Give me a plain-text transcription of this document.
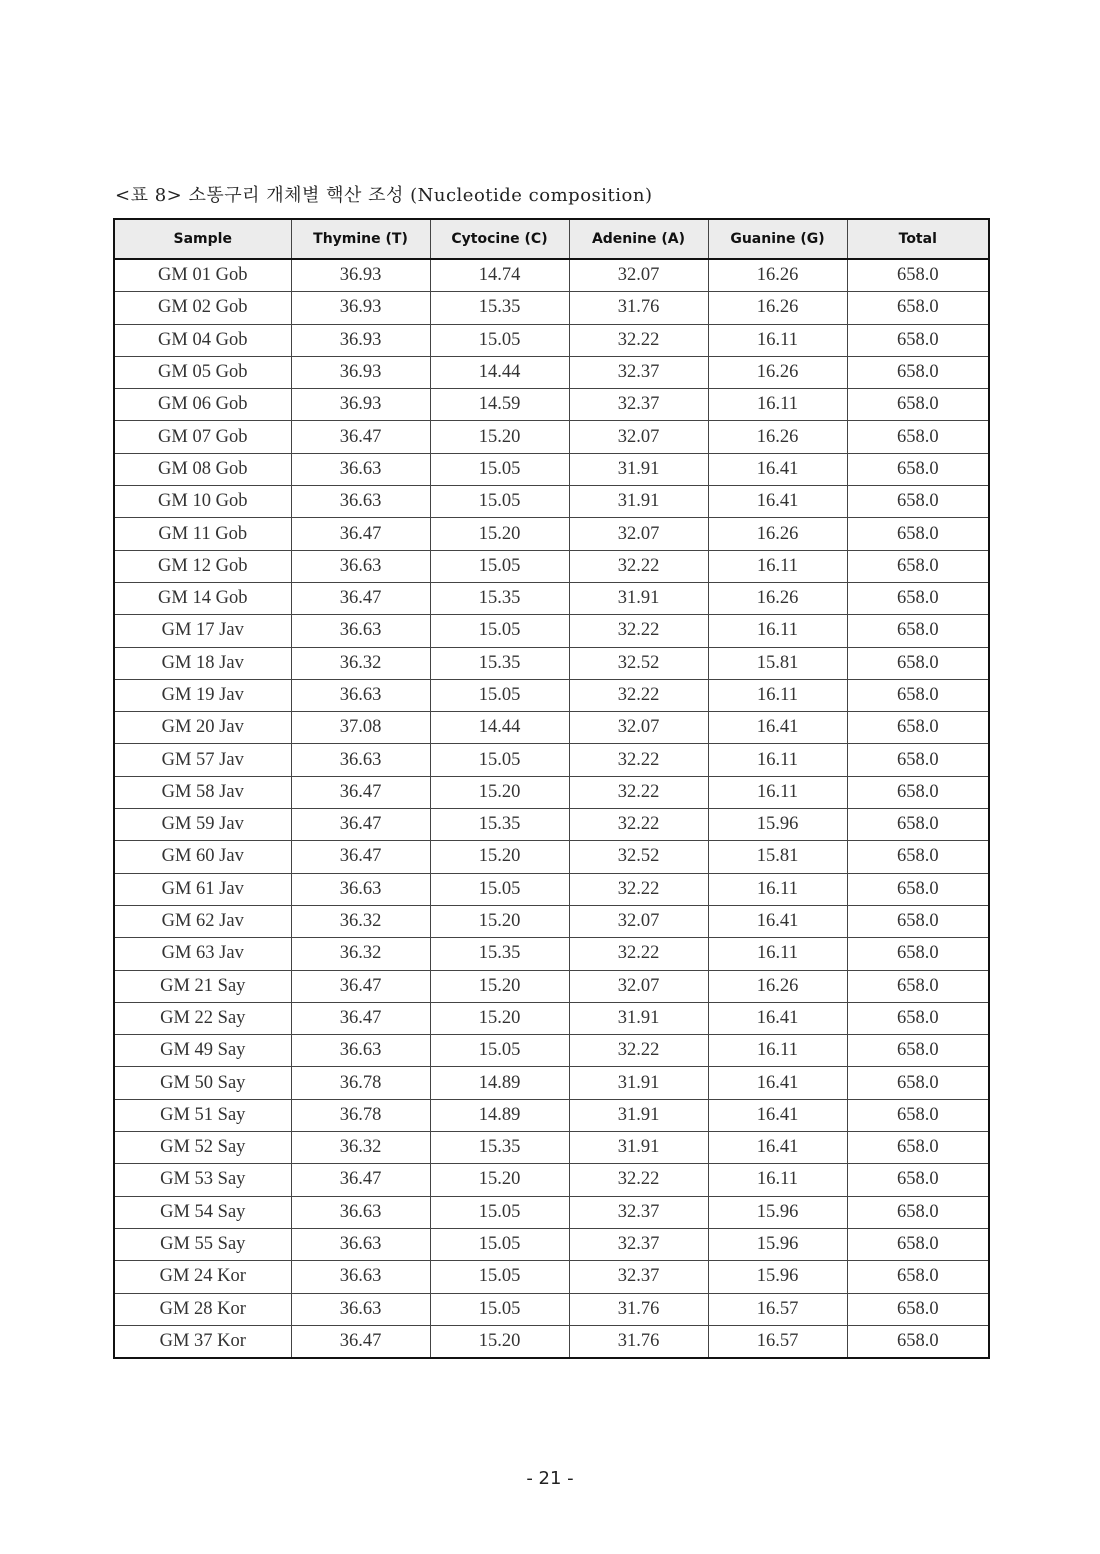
<표 8> 소똥구리 개체별 핵산 조성 (Nucleotide composition)
Sample	Thymine (T)	Cytocine (C)	Adenine (A)	Guanine (G)	Total
GM 01 Gob	36.93	14.74	32.07	16.26	658.0
GM 02 Gob	36.93	15.35	31.76	16.26	658.0
GM 04 Gob	36.93	15.05	32.22	16.11	658.0
GM 05 Gob	36.93	14.44	32.37	16.26	658.0
GM 06 Gob	36.93	14.59	32.37	16.11	658.0
GM 07 Gob	36.47	15.20	32.07	16.26	658.0
GM 08 Gob	36.63	15.05	31.91	16.41	658.0
GM 10 Gob	36.63	15.05	31.91	16.41	658.0
GM 11 Gob	36.47	15.20	32.07	16.26	658.0
GM 12 Gob	36.63	15.05	32.22	16.11	658.0
GM 14 Gob	36.47	15.35	31.91	16.26	658.0
GM 17 Jav	36.63	15.05	32.22	16.11	658.0
GM 18 Jav	36.32	15.35	32.52	15.81	658.0
GM 19 Jav	36.63	15.05	32.22	16.11	658.0
GM 20 Jav	37.08	14.44	32.07	16.41	658.0
GM 57 Jav	36.63	15.05	32.22	16.11	658.0
GM 58 Jav	36.47	15.20	32.22	16.11	658.0
GM 59 Jav	36.47	15.35	32.22	15.96	658.0
GM 60 Jav	36.47	15.20	32.52	15.81	658.0
GM 61 Jav	36.63	15.05	32.22	16.11	658.0
GM 62 Jav	36.32	15.20	32.07	16.41	658.0
GM 63 Jav	36.32	15.35	32.22	16.11	658.0
GM 21 Say	36.47	15.20	32.07	16.26	658.0
GM 22 Say	36.47	15.20	31.91	16.41	658.0
GM 49 Say	36.63	15.05	32.22	16.11	658.0
GM 50 Say	36.78	14.89	31.91	16.41	658.0
GM 51 Say	36.78	14.89	31.91	16.41	658.0
GM 52 Say	36.32	15.35	31.91	16.41	658.0
GM 53 Say	36.47	15.20	32.22	16.11	658.0
GM 54 Say	36.63	15.05	32.37	15.96	658.0
GM 55 Say	36.63	15.05	32.37	15.96	658.0
GM 24 Kor	36.63	15.05	32.37	15.96	658.0
GM 28 Kor	36.63	15.05	31.76	16.57	658.0
GM 37 Kor	36.47	15.20	31.76	16.57	658.0
- 21 -
